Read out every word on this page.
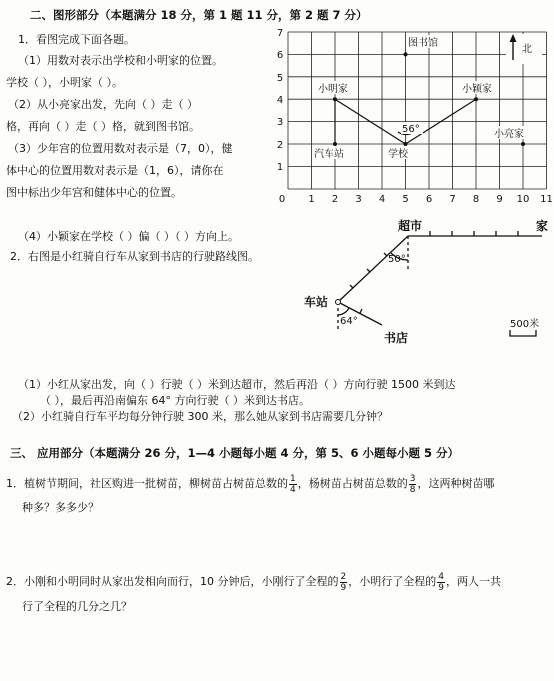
二、图形部分（本题满分 18 分，第 1 题 11 分，第 2 题 7 分）
1．看图完成下面各题。
（1）用数对表示出学校和小明家的位置。
学校（ ），小明家（ ）。
（2）从小亮家出发，先向（ ）走（ ）
格，再向（ ）走（ ）格，就到图书馆。
（3）少年宫的位置用数对表示是（7，0），健
体中心的位置用数对表示是（1，6），请你在
图中标出少年宫和健体中心的位置。
0 1 2 3 4 5 6 7 8 9 10 11
1
2
3
4
5
6
7
图书馆
小明家	小颖家
小亮家
汽车站	学校
56°
北
（4）小颖家在学校（ ）偏（ ）（ ）方向上。
2．右图是小红骑自行车从家到书店的行驶路线图。
超市	家
车站
书店
50°
64°	500米
（1）小红从家出发，向（ ）行驶（ ）米到达超市，然后再沿（ ）方向行驶 1500 米到达
（ ），最后再沿南偏东 64° 方向行驶（ ）米到达书店。
（2）小红骑自行车平均每分钟行驶 300 米，那么她从家到书店需要几分钟？
三、 应用部分（本题满分 26 分，1—4 小题每小题 4 分，第 5、6 小题每小题 5 分）
1．植树节期间，社区购进一批树苗，柳树苗占树苗总数的 $\frac{1}{4}$ ，杨树苗占树苗总数的 $\frac{3}{8}$ ，这两种树苗哪
种多？多多少？
2．小刚和小明同时从家出发相向而行，10 分钟后，小刚行了全程的 $\frac{2}{9}$ ，小明行了全程的 $\frac{4}{9}$ ，两人一共
行了全程的几分之几？
